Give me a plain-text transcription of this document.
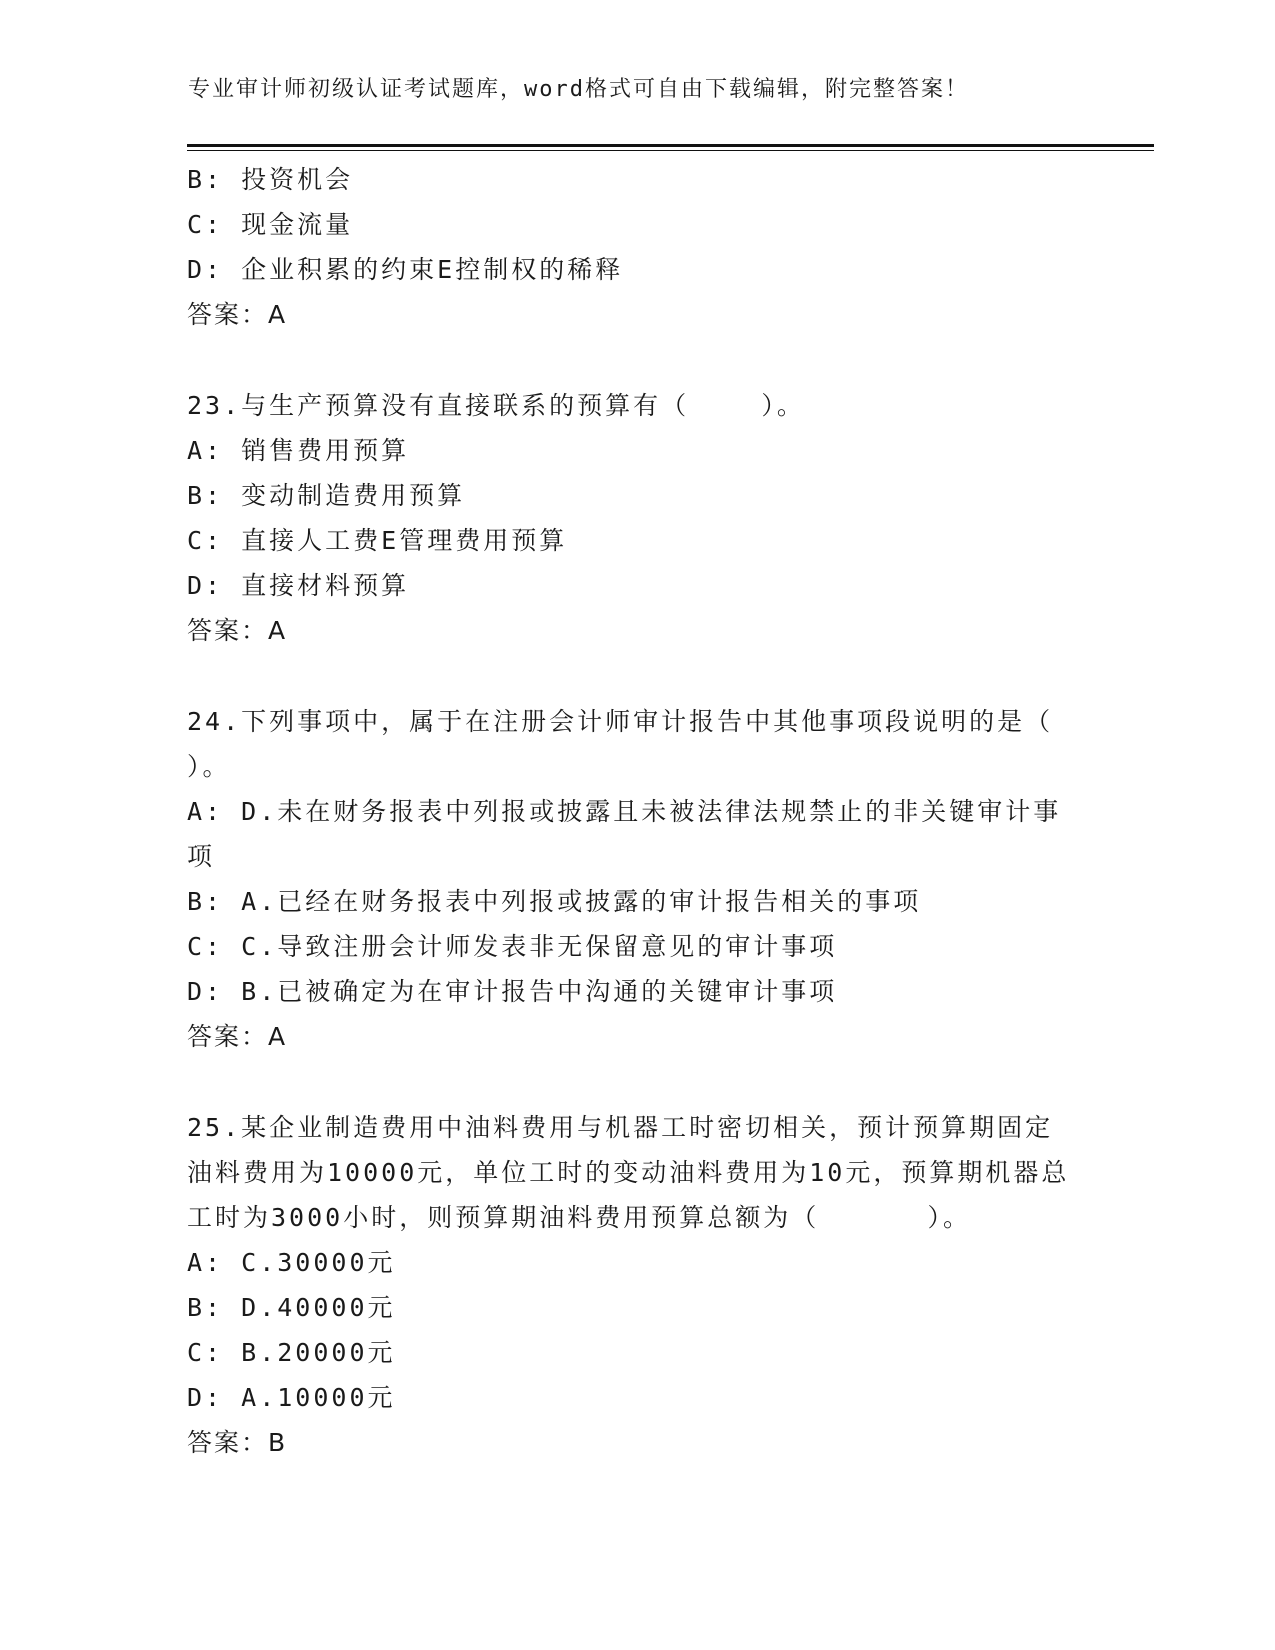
专业审计师初级认证考试题库，word格式可自由下载编辑，附完整答案！

B: 投资机会

C: 现金流量

D: 企业积累的约束E控制权的稀释

答案：A

23.与生产预算没有直接联系的预算有（    ）。

A: 销售费用预算

B: 变动制造费用预算

C: 直接人工费E管理费用预算

D: 直接材料预算

答案：A

24.下列事项中，属于在注册会计师审计报告中其他事项段说明的是（      ）。

A: D.未在财务报表中列报或披露且未被法律法规禁止的非关键审计事项

B: A.已经在财务报表中列报或披露的审计报告相关的事项

C: C.导致注册会计师发表非无保留意见的审计事项

D: B.已被确定为在审计报告中沟通的关键审计事项

答案：A

25.某企业制造费用中油料费用与机器工时密切相关，预计预算期固定油料费用为10000元，单位工时的变动油料费用为10元，预算期机器总工时为3000小时，则预算期油料费用预算总额为（      ）。

A: C.30000元

B: D.40000元

C: B.20000元

D: A.10000元

答案：B
